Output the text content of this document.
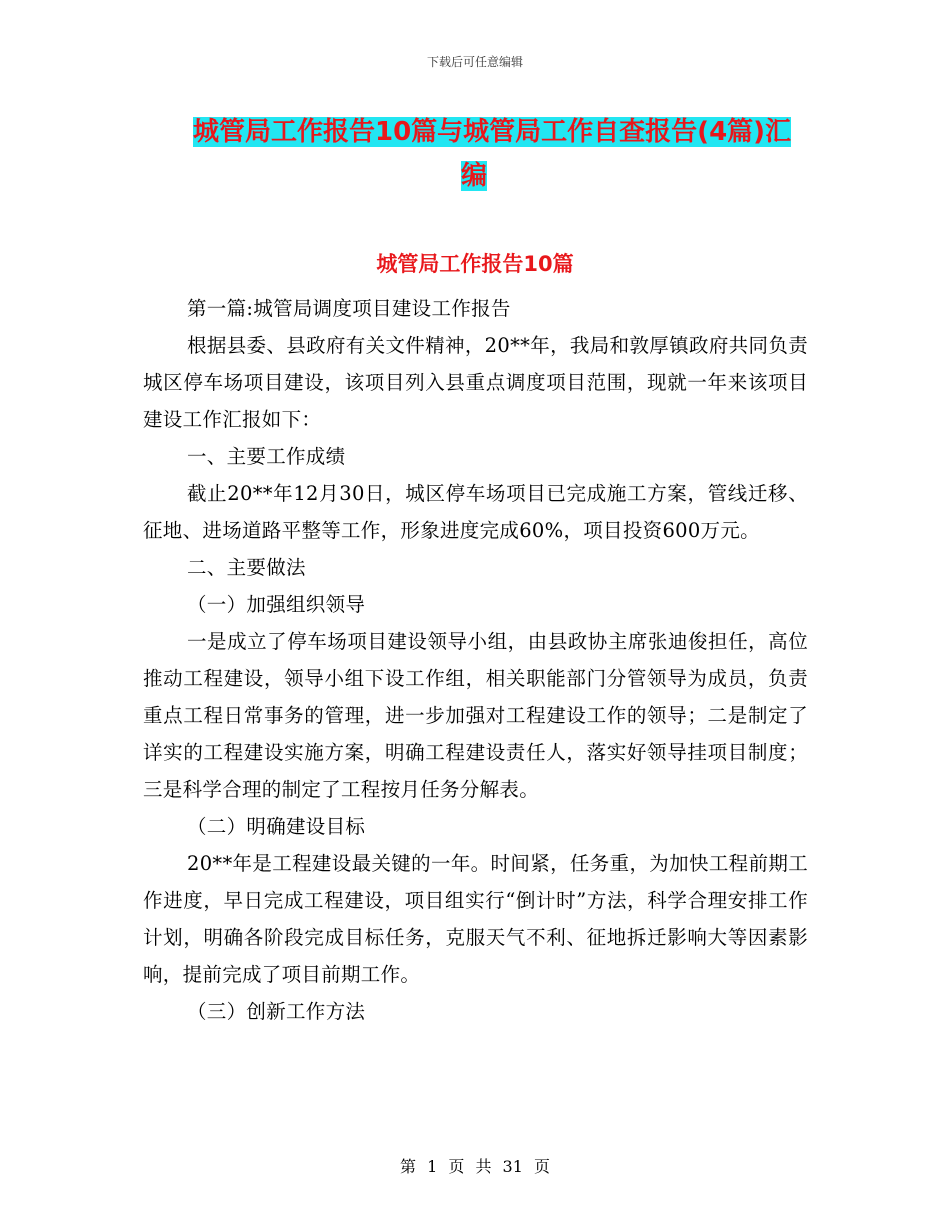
下载后可任意编辑
城管局工作报告10篇与城管局工作自查报告(4篇)汇
编
城管局工作报告10篇

第一篇:城管局调度项目建设工作报告

根据县委、县政府有关文件精神，20**年，我局和敦厚镇政府共同负责城区停车场项目建设，该项目列入县重点调度项目范围，现就一年来该项目建设工作汇报如下：

一、主要工作成绩

截止20**年12月30日，城区停车场项目已完成施工方案，管线迁移、征地、进场道路平整等工作，形象进度完成60%，项目投资600万元。

二、主要做法

（一）加强组织领导

一是成立了停车场项目建设领导小组，由县政协主席张迪俊担任，高位推动工程建设，领导小组下设工作组，相关职能部门分管领导为成员，负责重点工程日常事务的管理，进一步加强对工程建设工作的领导；二是制定了详实的工程建设实施方案，明确工程建设责任人，落实好领导挂项目制度；三是科学合理的制定了工程按月任务分解表。

（二）明确建设目标

20**年是工程建设最关键的一年。时间紧，任务重，为加快工程前期工作进度，早日完成工程建设，项目组实行“倒计时”方法，科学合理安排工作计划，明确各阶段完成目标任务，克服天气不利、征地拆迁影响大等因素影响，提前完成了项目前期工作。

（三）创新工作方法

第 1 页 共 31 页
